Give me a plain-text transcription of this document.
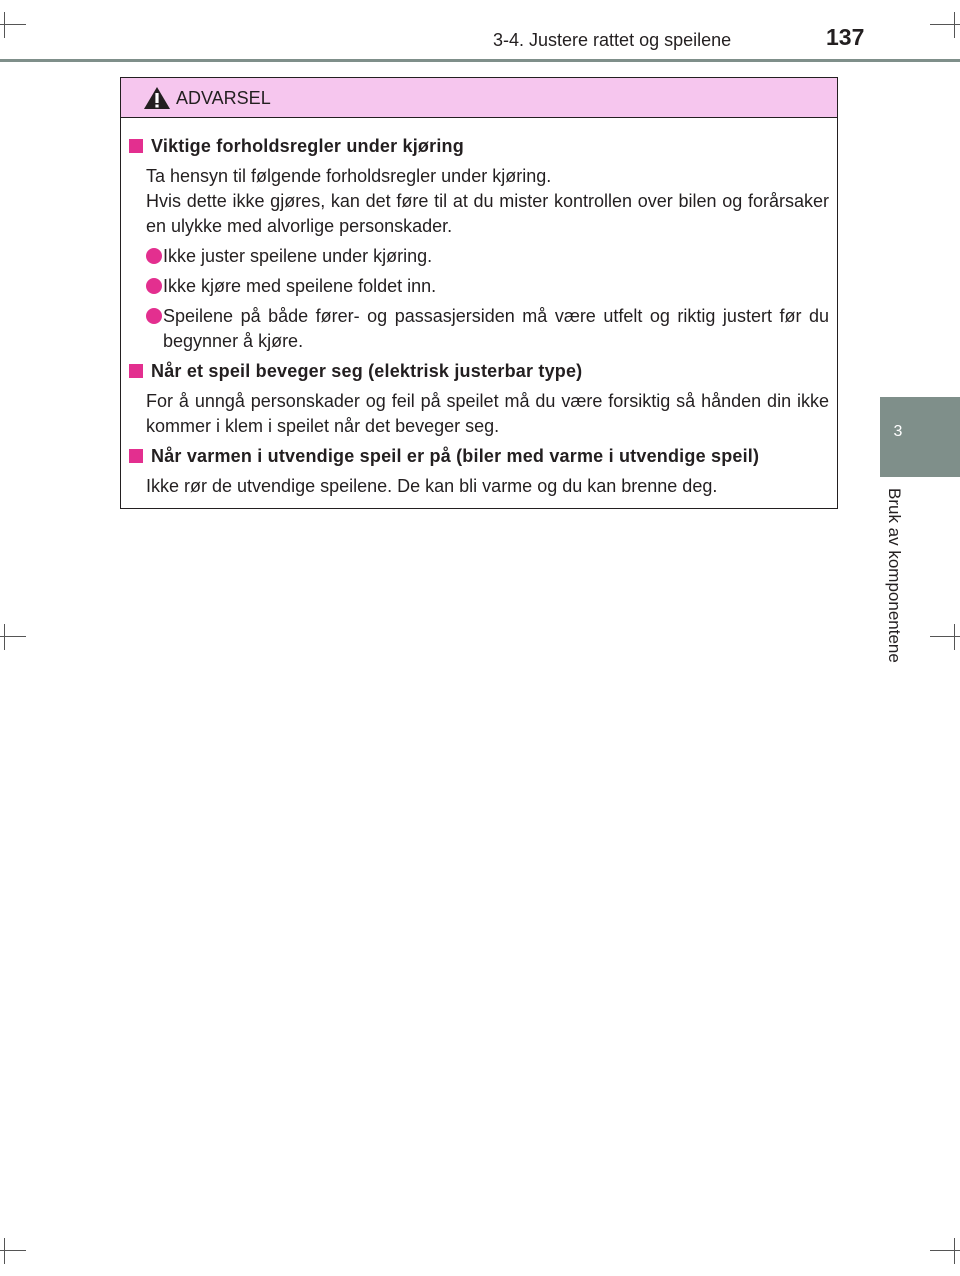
3-4. Justere rattet og speilene	137
3
Bruk av komponentene
ADVARSEL
Viktige forholdsregler under kjøring
Ta hensyn til følgende forholdsregler under kjøring.
Hvis dette ikke gjøres, kan det føre til at du mister kontrollen over bilen og forårsaker en ulykke med alvorlige personskader.
Ikke juster speilene under kjøring.
Ikke kjøre med speilene foldet inn.
Speilene på både fører- og passasjersiden må være utfelt og riktig justert før du begynner å kjøre.
Når et speil beveger seg (elektrisk justerbar type)
For å unngå personskader og feil på speilet må du være forsiktig så hånden din ikke kommer i klem i speilet når det beveger seg.
Når varmen i utvendige speil er på (biler med varme i utvendige speil)
Ikke rør de utvendige speilene. De kan bli varme og du kan brenne deg.
